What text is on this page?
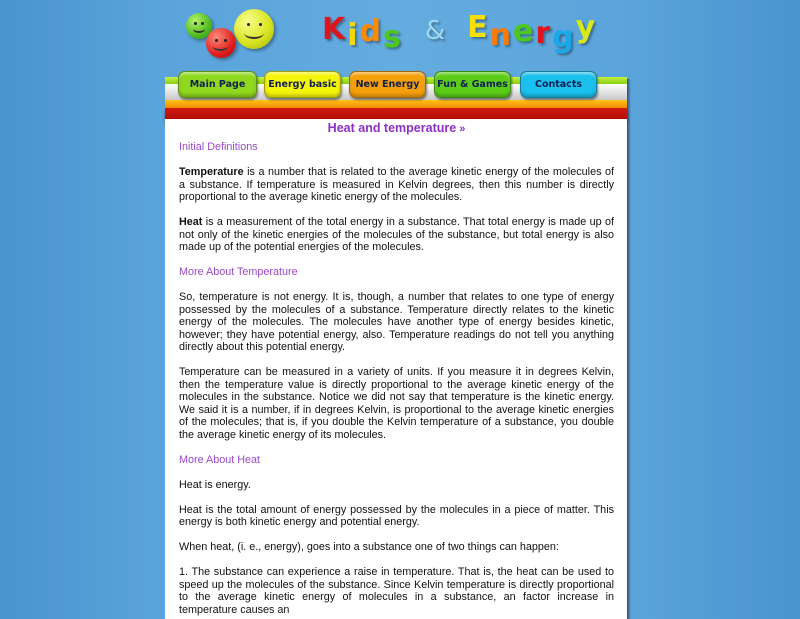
Kids & Energy
Main Page	Energy basic	New Energy	Fun & Games	Contacts
Heat and temperature »

Initial Definitions

Temperature is a number that is related to the average kinetic energy of the molecules of a substance. If temperature is measured in Kelvin degrees, then this number is directly proportional to the average kinetic energy of the molecules.

Heat is a measurement of the total energy in a substance. That total energy is made up of not only of the kinetic energies of the molecules of the substance, but total energy is also made up of the potential energies of the molecules.

More About Temperature

So, temperature is not energy. It is, though, a number that relates to one type of energy possessed by the molecules of a substance. Temperature directly relates to the kinetic energy of the molecules. The molecules have another type of energy besides kinetic, however; they have potential energy, also. Temperature readings do not tell you anything directly about this potential energy.

Temperature can be measured in a variety of units. If you measure it in degrees Kelvin, then the temperature value is directly proportional to the average kinetic energy of the molecules in the substance. Notice we did not say that temperature is the kinetic energy. We said it is a number, if in degrees Kelvin, is proportional to the average kinetic energies of the molecules; that is, if you double the Kelvin temperature of a substance, you double the average kinetic energy of its molecules.

More About Heat

Heat is energy.

Heat is the total amount of energy possessed by the molecules in a piece of matter. This energy is both kinetic energy and potential energy.

When heat, (i. e., energy), goes into a substance one of two things can happen:

1. The substance can experience a raise in temperature. That is, the heat can be used to speed up the molecules of the substance. Since Kelvin temperature is directly proportional to the average kinetic energy of molecules in a substance, an factor increase in temperature causes an
